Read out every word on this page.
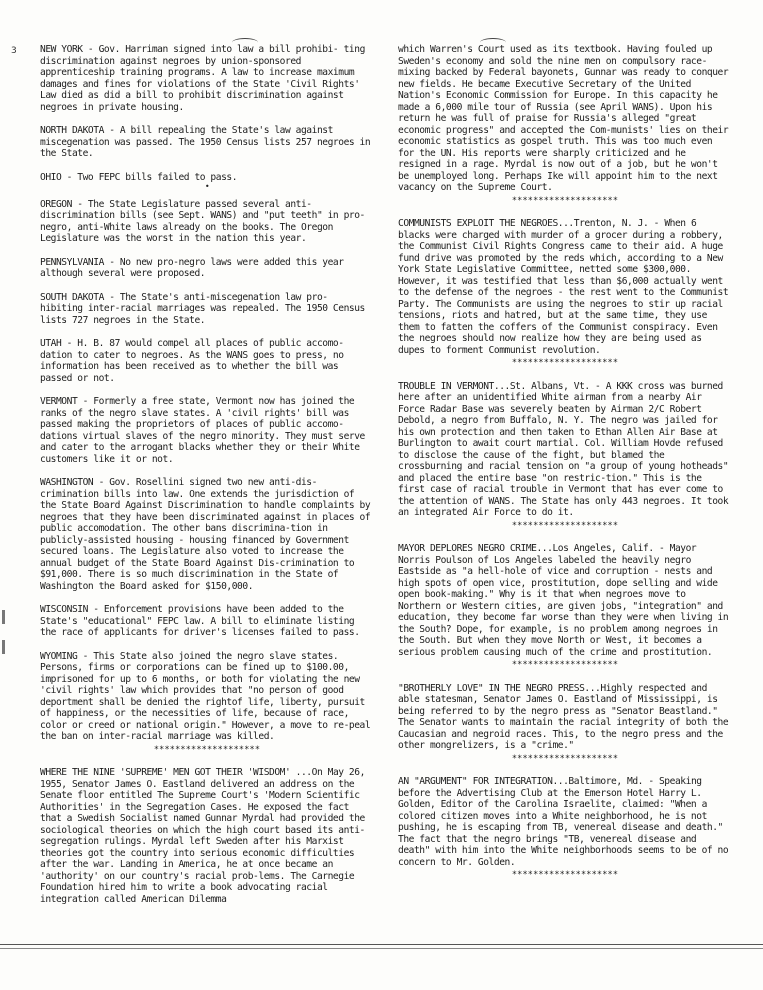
3 NEW YORK - Gov. Harriman signed into law a bill prohibi- ting discrimination against negroes by union-sponsored apprenticeship training programs. A law to increase maximum damages and fines for violations of the State 'Civil Rights' Law died as did a bill to prohibit discrimination against negroes in private housing.

NORTH DAKOTA - A bill repealing the State's law against miscegenation was passed. The 1950 Census lists 257 negroes in the State.

OHIO - Two FEPC bills failed to pass.

•

OREGON - The State Legislature passed several anti- discrimination bills (see Sept. WANS) and "put teeth" in pro-negro, anti-White laws already on the books. The Oregon Legislature was the worst in the nation this year.

PENNSYLVANIA - No new pro-negro laws were added this year although several were proposed.

SOUTH DAKOTA - The State's anti-miscegenation law pro- hibiting inter-racial marriages was repealed. The 1950 Census lists 727 negroes in the State.

UTAH - H. B. 87 would compel all places of public accomo- dation to cater to negroes. As the WANS goes to press, no information has been received as to whether the bill was passed or not.

VERMONT - Formerly a free state, Vermont now has joined the ranks of the negro slave states. A 'civil rights' bill was passed making the proprietors of places of public accomo-dations virtual slaves of the negro minority. They must serve and cater to the arrogant blacks whether they or their White customers like it or not.

WASHINGTON - Gov. Rosellini signed two new anti-dis- crimination bills into law. One extends the jurisdiction of the State Board Against Discrimination to handle complaints by negroes that they have been discriminated against in places of public accomodation. The other bans discrimina-tion in publicly-assisted housing - housing financed by Government secured loans. The Legislature also voted to increase the annual budget of the State Board Against Dis-crimination to $91,000. There is so much discrimination in the State of Washington the Board asked for $150,000.

WISCONSIN - Enforcement provisions have been added to the State's "educational" FEPC law. A bill to eliminate listing the race of applicants for driver's licenses failed to pass.

WYOMING - This State also joined the negro slave states. Persons, firms or corporations can be fined up to $100.00, imprisoned for up to 6 months, or both for violating the new 'civil rights' law which provides that "no person of good deportment shall be denied the rightof life, liberty, pursuit of happiness, or the necessities of life, because of race, color or creed or national origin." However, a move to re-peal the ban on inter-racial marriage was killed.

********************

WHERE THE NINE 'SUPREME' MEN GOT THEIR 'WISDOM' ...On May 26, 1955, Senator James O. Eastland delivered an address on the Senate floor entitled The Supreme Court's 'Modern Scientific Authorities' in the Segregation Cases. He exposed the fact that a Swedish Socialist named Gunnar Myrdal had provided the sociological theories on which the high court based its anti-segregation rulings. Myrdal left Sweden after his Marxist theories got the country into serious economic difficulties after the war. Landing in America, he at once became an 'authority' on our country's racial prob-lems. The Carnegie Foundation hired him to write a book advocating racial integration called American Dilemma

which Warren's Court used as its textbook. Having fouled up Sweden's economy and sold the nine men on compulsory race-mixing backed by Federal bayonets, Gunnar was ready to conquer new fields. He became Executive Secretary of the United Nation's Economic Commission for Europe. In this capacity he made a 6,000 mile tour of Russia (see April WANS). Upon his return he was full of praise for Russia's alleged "great economic progress" and accepted the Com-munists' lies on their economic statistics as gospel truth. This was too much even for the UN. His reports were sharply criticized and he resigned in a rage. Myrdal is now out of a job, but he won't be unemployed long. Perhaps Ike will appoint him to the next vacancy on the Supreme Court.

********************

COMMUNISTS EXPLOIT THE NEGROES...Trenton, N. J. - When 6 blacks were charged with murder of a grocer during a robbery, the Communist Civil Rights Congress came to their aid. A huge fund drive was promoted by the reds which, according to a New York State Legislative Committee, netted some $300,000. However, it was testified that less than $6,000 actually went to the defense of the negroes - the rest went to the Communist Party. The Communists are using the negroes to stir up racial tensions, riots and hatred, but at the same time, they use them to fatten the coffers of the Communist conspiracy. Even the negroes should now realize how they are being used as dupes to forment Communist revolution.

********************

TROUBLE IN VERMONT...St. Albans, Vt. - A KKK cross was burned here after an unidentified White airman from a nearby Air Force Radar Base was severely beaten by Airman 2/C Robert Debold, a negro from Buffalo, N. Y. The negro was jailed for his own protection and then taken to Ethan Allen Air Base at Burlington to await court martial. Col. William Hovde refused to disclose the cause of the fight, but blamed the crossburning and racial tension on "a group of young hotheads" and placed the entire base "on restric-tion." This is the first case of racial trouble in Vermont that has ever come to the attention of WANS. The State has only 443 negroes. It took an integrated Air Force to do it.

********************

MAYOR DEPLORES NEGRO CRIME...Los Angeles, Calif. - Mayor Norris Poulson of Los Angeles labeled the heavily negro Eastside as "a hell-hole of vice and corruption - nests and high spots of open vice, prostitution, dope selling and wide open book-making." Why is it that when negroes move to Northern or Western cities, are given jobs, "integration" and education, they become far worse than they were when living in the South? Dope, for example, is no problem among negroes in the South. But when they move North or West, it becomes a serious problem causing much of the crime and prostitution.

********************

"BROTHERLY LOVE" IN THE NEGRO PRESS...Highly respected and able statesman, Senator James O. Eastland of Mississippi, is being referred to by the negro press as "Senator Beastland." The Senator wants to maintain the racial integrity of both the Caucasian and negroid races. This, to the negro press and the other mongrelizers, is a "crime."

********************

AN "ARGUMENT" FOR INTEGRATION...Baltimore, Md. - Speaking before the Advertising Club at the Emerson Hotel Harry L. Golden, Editor of the Carolina Israelite, claimed: "When a colored citizen moves into a White neighborhood, he is not pushing, he is escaping from TB, venereal disease and death." The fact that the negro brings "TB, venereal disease and death" with him into the White neighborhoods seems to be of no concern to Mr. Golden.

********************
